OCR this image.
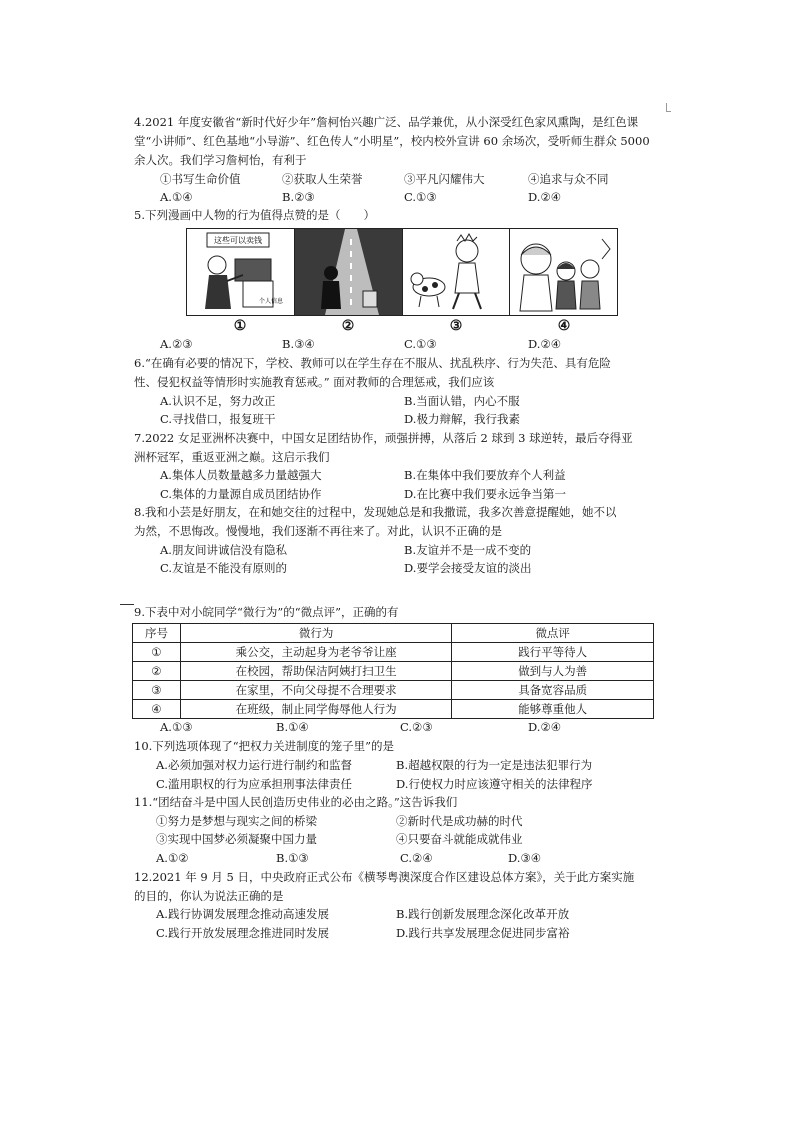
4.2021 年度安徽省“新时代好少年”詹柯怡兴趣广泛、品学兼优，从小深受红色家风熏陶，是红色课
堂“小讲师”、红色基地“小导游”、红色传人“小明星”，校内校外宣讲 60 余场次，受听师生群众 5000
余人次。我们学习詹柯怡，有利于
①书写生命价值	②获取人生荣誉	③平凡闪耀伟大	④追求与众不同
A.①④	B.②③	C.①③	D.②④
5.下列漫画中人物的行为值得点赞的是（　　）
这些可以卖钱
个人信息
①	②	③	④
A.②③	B.③④	C.①③	D.②④
6.“在确有必要的情况下，学校、教师可以在学生存在不服从、扰乱秩序、行为失范、具有危险
性、侵犯权益等情形时实施教育惩戒。” 面对教师的合理惩戒，我们应该
A.认识不足，努力改正	B.当面认错，内心不服
C.寻找借口，报复班干	D.极力辩解，我行我素
7.2022 女足亚洲杯决赛中，中国女足团结协作，顽强拼搏，从落后 2 球到 3 球逆转，最后夺得亚
洲杯冠军，重返亚洲之巅。这启示我们
A.集体人员数量越多力量越强大	B.在集体中我们要放弃个人利益
C.集体的力量源自成员团结协作	D.在比赛中我们要永远争当第一
8.我和小芸是好朋友，在和她交往的过程中，发现她总是和我撒谎，我多次善意提醒她，她不以
为然，不思悔改。慢慢地，我们逐渐不再往来了。对此，认识不正确的是
A.朋友间讲诚信没有隐私	B.友谊并不是一成不变的
C.友谊是不能没有原则的	D.要学会接受友谊的淡出
9.下表中对小皖同学“微行为”的“微点评”，正确的有
序号	微行为	微点评
①	乘公交，主动起身为老爷爷让座	践行平等待人
②	在校园，帮助保洁阿姨打扫卫生	做到与人为善
③	在家里，不向父母提不合理要求	具备宽容品质
④	在班级，制止同学侮辱他人行为	能够尊重他人
A.①③	B.①④	C.②③	D.②④
10.下列选项体现了“把权力关进制度的笼子里”的是
A.必须加强对权力运行进行制约和监督	B.超越权限的行为一定是违法犯罪行为
C.滥用职权的行为应承担刑事法律责任	D.行使权力时应该遵守相关的法律程序
11.“团结奋斗是中国人民创造历史伟业的必由之路。”这告诉我们
①努力是梦想与现实之间的桥梁	②新时代是成功赫的时代
③实现中国梦必须凝聚中国力量	④只要奋斗就能成就伟业
A.①②	B.①③	C.②④	D.③④
12.2021 年 9 月 5 日，中央政府正式公布《横琴粤澳深度合作区建设总体方案》，关于此方案实施
的目的，你认为说法正确的是
A.践行协调发展理念推动高速发展	B.践行创新发展理念深化改革开放
C.践行开放发展理念推进同时发展	D.践行共享发展理念促进同步富裕
